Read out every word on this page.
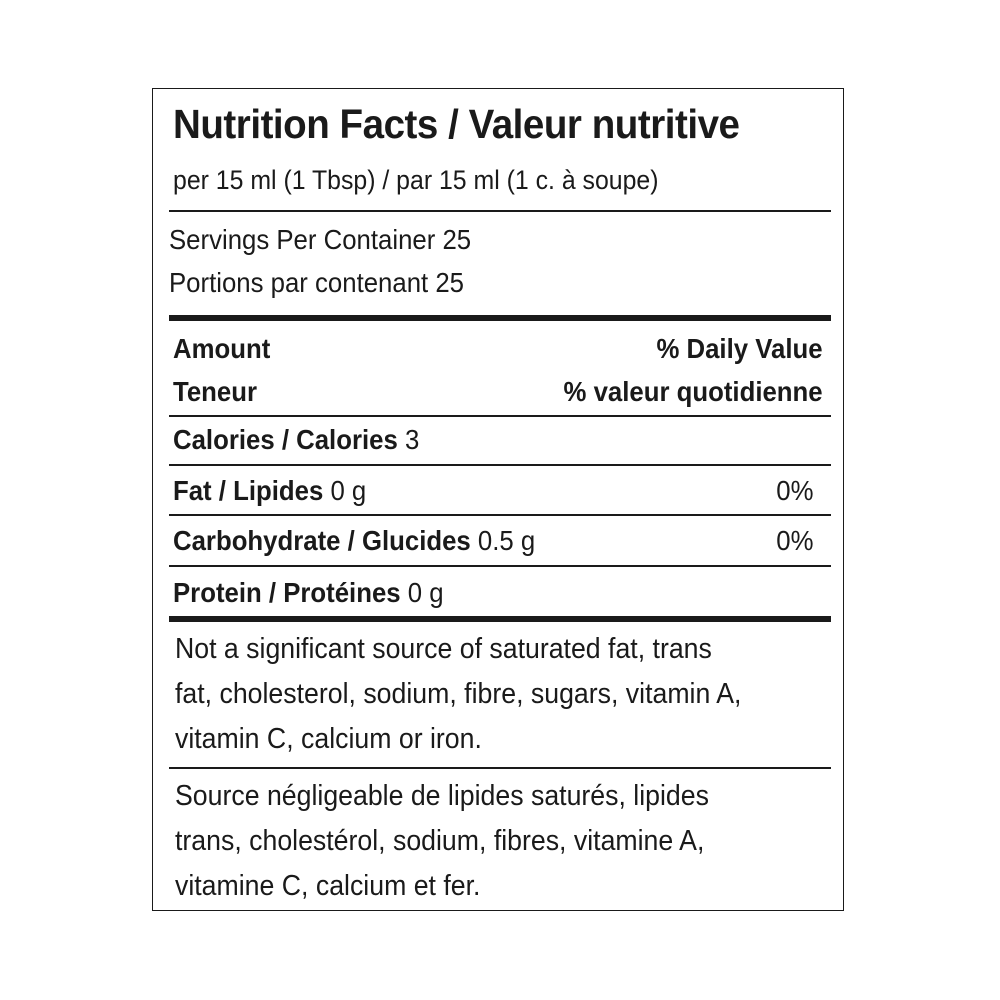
Nutrition Facts / Valeur nutritive
per 15 ml (1 Tbsp) / par 15 ml (1 c. à soupe)
Servings Per Container 25
Portions par contenant 25
Amount
Teneur
% Daily Value
% valeur quotidienne
Calories / Calories 3
Fat / Lipides 0 g	0%
Carbohydrate / Glucides 0.5 g	0%
Protein / Protéines 0 g
Not a significant source of saturated fat, trans
fat, cholesterol, sodium, fibre, sugars, vitamin A,
vitamin C, calcium or iron.
Source négligeable de lipides saturés, lipides
trans, cholestérol, sodium, fibres, vitamine A,
vitamine C, calcium et fer.
